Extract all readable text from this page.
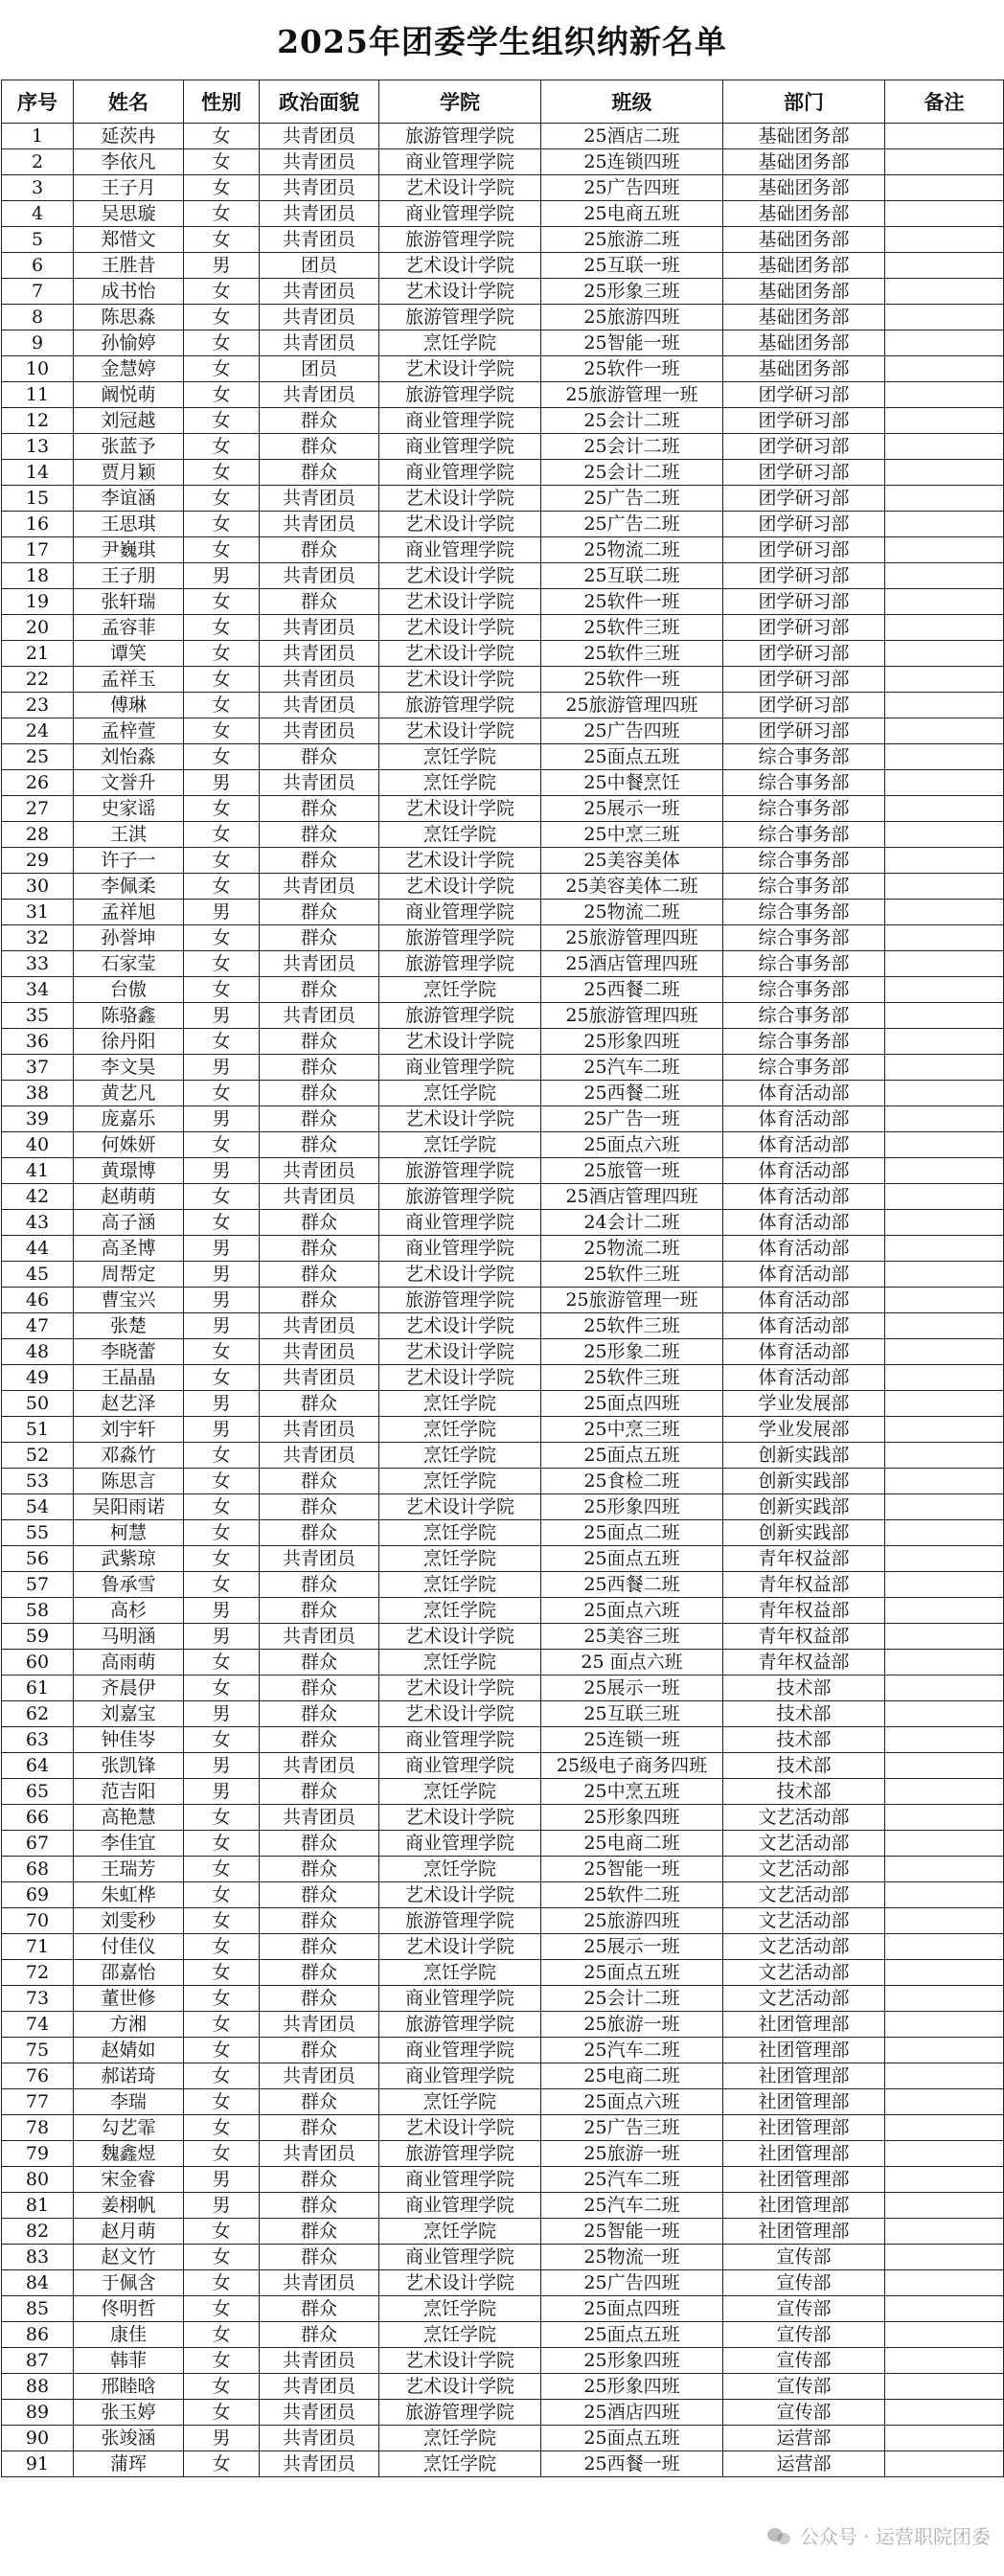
2025年团委学生组织纳新名单
序号	姓名	性别	政治面貌	学院	班级	部门	备注
1	延茨冉	女	共青团员	旅游管理学院	25酒店二班	基础团务部	
2	李依凡	女	共青团员	商业管理学院	25连锁四班	基础团务部	
3	王子月	女	共青团员	艺术设计学院	25广告四班	基础团务部	
4	吴思璇	女	共青团员	商业管理学院	25电商五班	基础团务部	
5	郑惜文	女	共青团员	旅游管理学院	25旅游二班	基础团务部	
6	王胜昔	男	团员	艺术设计学院	25互联一班	基础团务部	
7	成书怡	女	共青团员	艺术设计学院	25形象三班	基础团务部	
8	陈思淼	女	共青团员	旅游管理学院	25旅游四班	基础团务部	
9	孙愉婷	女	共青团员	烹饪学院	25智能一班	基础团务部	
10	金慧婷	女	团员	艺术设计学院	25软件一班	基础团务部	
11	阚悦萌	女	共青团员	旅游管理学院	25旅游管理一班	团学研习部	
12	刘冠越	女	群众	商业管理学院	25会计二班	团学研习部	
13	张蓝予	女	群众	商业管理学院	25会计二班	团学研习部	
14	贾月颖	女	群众	商业管理学院	25会计二班	团学研习部	
15	李谊涵	女	共青团员	艺术设计学院	25广告二班	团学研习部	
16	王思琪	女	共青团员	艺术设计学院	25广告二班	团学研习部	
17	尹巍琪	女	群众	商业管理学院	25物流二班	团学研习部	
18	王子朋	男	共青团员	艺术设计学院	25互联二班	团学研习部	
19	张轩瑞	女	群众	艺术设计学院	25软件一班	团学研习部	
20	孟容菲	女	共青团员	艺术设计学院	25软件三班	团学研习部	
21	谭笑	女	共青团员	艺术设计学院	25软件三班	团学研习部	
22	孟祥玉	女	共青团员	艺术设计学院	25软件一班	团学研习部	
23	傅琳	女	共青团员	旅游管理学院	25旅游管理四班	团学研习部	
24	孟梓萱	女	共青团员	艺术设计学院	25广告四班	团学研习部	
25	刘怡淼	女	群众	烹饪学院	25面点五班	综合事务部	
26	文誉升	男	共青团员	烹饪学院	25中餐烹饪	综合事务部	
27	史家谣	女	群众	艺术设计学院	25展示一班	综合事务部	
28	王淇	女	群众	烹饪学院	25中烹三班	综合事务部	
29	许子一	女	群众	艺术设计学院	25美容美体	综合事务部	
30	李佩柔	女	共青团员	艺术设计学院	25美容美体二班	综合事务部	
31	孟祥旭	男	群众	商业管理学院	25物流二班	综合事务部	
32	孙誉坤	女	群众	旅游管理学院	25旅游管理四班	综合事务部	
33	石家莹	女	共青团员	旅游管理学院	25酒店管理四班	综合事务部	
34	台傲	女	群众	烹饪学院	25西餐二班	综合事务部	
35	陈骆鑫	男	共青团员	旅游管理学院	25旅游管理四班	综合事务部	
36	徐丹阳	女	群众	艺术设计学院	25形象四班	综合事务部	
37	李文昊	男	群众	商业管理学院	25汽车二班	综合事务部	
38	黄艺凡	女	群众	烹饪学院	25西餐二班	体育活动部	
39	庞嘉乐	男	群众	艺术设计学院	25广告一班	体育活动部	
40	何姝妍	女	群众	烹饪学院	25面点六班	体育活动部	
41	黄璟博	男	共青团员	旅游管理学院	25旅管一班	体育活动部	
42	赵萌萌	女	共青团员	旅游管理学院	25酒店管理四班	体育活动部	
43	高子涵	女	群众	商业管理学院	24会计二班	体育活动部	
44	高圣博	男	群众	商业管理学院	25物流二班	体育活动部	
45	周帮定	男	群众	艺术设计学院	25软件三班	体育活动部	
46	曹宝兴	男	群众	旅游管理学院	25旅游管理一班	体育活动部	
47	张楚	男	共青团员	艺术设计学院	25软件三班	体育活动部	
48	李晓蕾	女	共青团员	艺术设计学院	25形象二班	体育活动部	
49	王晶晶	女	共青团员	艺术设计学院	25软件三班	体育活动部	
50	赵艺泽	男	群众	烹饪学院	25面点四班	学业发展部	
51	刘宇轩	男	共青团员	烹饪学院	25中烹三班	学业发展部	
52	邓淼竹	女	共青团员	烹饪学院	25面点五班	创新实践部	
53	陈思言	女	群众	烹饪学院	25食检二班	创新实践部	
54	吴阳雨诺	女	群众	艺术设计学院	25形象四班	创新实践部	
55	柯慧	女	群众	烹饪学院	25面点二班	创新实践部	
56	武紫琼	女	共青团员	烹饪学院	25面点五班	青年权益部	
57	鲁承雪	女	群众	烹饪学院	25西餐二班	青年权益部	
58	高杉	男	群众	烹饪学院	25面点六班	青年权益部	
59	马明涵	男	共青团员	艺术设计学院	25美容三班	青年权益部	
60	高雨萌	女	群众	烹饪学院	25 面点六班	青年权益部	
61	齐晨伊	女	群众	艺术设计学院	25展示一班	技术部	
62	刘嘉宝	男	群众	艺术设计学院	25互联三班	技术部	
63	钟佳岑	女	群众	商业管理学院	25连锁一班	技术部	
64	张凯锋	男	共青团员	商业管理学院	25级电子商务四班	技术部	
65	范吉阳	男	群众	烹饪学院	25中烹五班	技术部	
66	高艳慧	女	共青团员	艺术设计学院	25形象四班	文艺活动部	
67	李佳宜	女	群众	商业管理学院	25电商二班	文艺活动部	
68	王瑞芳	女	群众	烹饪学院	25智能一班	文艺活动部	
69	朱虹桦	女	群众	艺术设计学院	25软件二班	文艺活动部	
70	刘雯秒	女	群众	旅游管理学院	25旅游四班	文艺活动部	
71	付佳仪	女	群众	艺术设计学院	25展示一班	文艺活动部	
72	邵嘉怡	女	群众	烹饪学院	25面点五班	文艺活动部	
73	董世修	女	群众	商业管理学院	25会计二班	文艺活动部	
74	方湘	女	共青团员	旅游管理学院	25旅游一班	社团管理部	
75	赵婧如	女	群众	商业管理学院	25汽车二班	社团管理部	
76	郝诺琦	女	共青团员	商业管理学院	25电商二班	社团管理部	
77	李瑞	女	群众	烹饪学院	25面点六班	社团管理部	
78	勾艺霏	女	群众	艺术设计学院	25广告三班	社团管理部	
79	魏鑫煜	女	共青团员	旅游管理学院	25旅游一班	社团管理部	
80	宋金睿	男	群众	商业管理学院	25汽车二班	社团管理部	
81	姜栩帆	男	群众	商业管理学院	25汽车二班	社团管理部	
82	赵月萌	女	群众	烹饪学院	25智能一班	社团管理部	
83	赵文竹	女	群众	商业管理学院	25物流一班	宣传部	
84	于佩含	女	共青团员	艺术设计学院	25广告四班	宣传部	
85	佟明哲	女	群众	烹饪学院	25面点四班	宣传部	
86	康佳	女	群众	烹饪学院	25面点五班	宣传部	
87	韩菲	女	共青团员	艺术设计学院	25形象四班	宣传部	
88	邢睦晗	女	共青团员	艺术设计学院	25形象四班	宣传部	
89	张玉婷	女	共青团员	旅游管理学院	25酒店四班	宣传部	
90	张竣涵	男	共青团员	烹饪学院	25面点五班	运营部	
91	蒲珲	女	共青团员	烹饪学院	25西餐一班	运营部	
公众号 · 运营职院团委
